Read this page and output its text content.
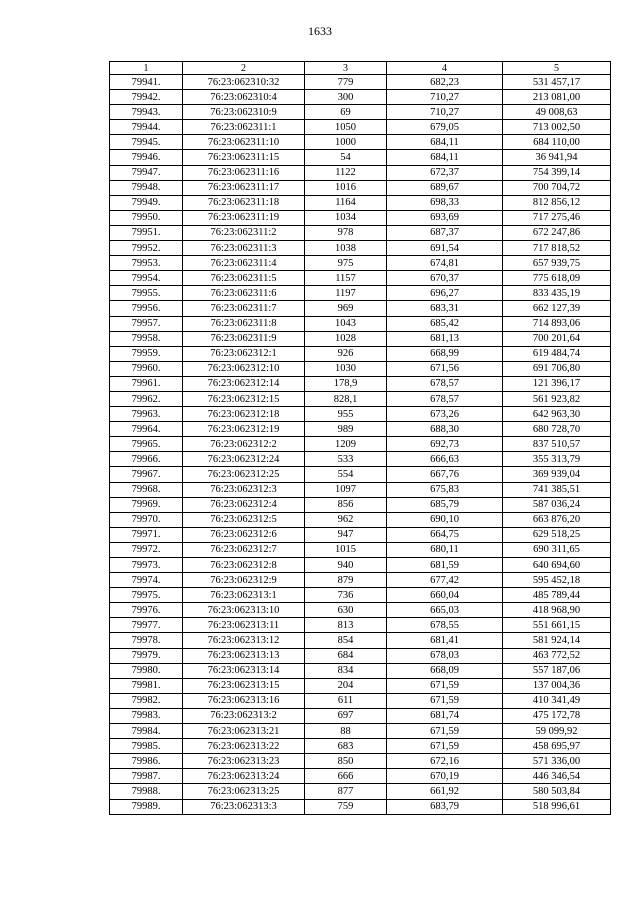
1633
1	2	3	4	5
79941.	76:23:062310:32	779	682,23	531 457,17
79942.	76:23:062310:4	300	710,27	213 081,00
79943.	76:23:062310:9	69	710,27	49 008,63
79944.	76:23:062311:1	1050	679,05	713 002,50
79945.	76:23:062311:10	1000	684,11	684 110,00
79946.	76:23:062311:15	54	684,11	36 941,94
79947.	76:23:062311:16	1122	672,37	754 399,14
79948.	76:23:062311:17	1016	689,67	700 704,72
79949.	76:23:062311:18	1164	698,33	812 856,12
79950.	76:23:062311:19	1034	693,69	717 275,46
79951.	76:23:062311:2	978	687,37	672 247,86
79952.	76:23:062311:3	1038	691,54	717 818,52
79953.	76:23:062311:4	975	674,81	657 939,75
79954.	76:23:062311:5	1157	670,37	775 618,09
79955.	76:23:062311:6	1197	696,27	833 435,19
79956.	76:23:062311:7	969	683,31	662 127,39
79957.	76:23:062311:8	1043	685,42	714 893,06
79958.	76:23:062311:9	1028	681,13	700 201,64
79959.	76:23:062312:1	926	668,99	619 484,74
79960.	76:23:062312:10	1030	671,56	691 706,80
79961.	76:23:062312:14	178,9	678,57	121 396,17
79962.	76:23:062312:15	828,1	678,57	561 923,82
79963.	76:23:062312:18	955	673,26	642 963,30
79964.	76:23:062312:19	989	688,30	680 728,70
79965.	76:23:062312:2	1209	692,73	837 510,57
79966.	76:23:062312:24	533	666,63	355 313,79
79967.	76:23:062312:25	554	667,76	369 939,04
79968.	76:23:062312:3	1097	675,83	741 385,51
79969.	76:23:062312:4	856	685,79	587 036,24
79970.	76:23:062312:5	962	690,10	663 876,20
79971.	76:23:062312:6	947	664,75	629 518,25
79972.	76:23:062312:7	1015	680,11	690 311,65
79973.	76:23:062312:8	940	681,59	640 694,60
79974.	76:23:062312:9	879	677,42	595 452,18
79975.	76:23:062313:1	736	660,04	485 789,44
79976.	76:23:062313:10	630	665,03	418 968,90
79977.	76:23:062313:11	813	678,55	551 661,15
79978.	76:23:062313:12	854	681,41	581 924,14
79979.	76:23:062313:13	684	678,03	463 772,52
79980.	76:23:062313:14	834	668,09	557 187,06
79981.	76:23:062313:15	204	671,59	137 004,36
79982.	76:23:062313:16	611	671,59	410 341,49
79983.	76:23:062313:2	697	681,74	475 172,78
79984.	76:23:062313:21	88	671,59	59 099,92
79985.	76:23:062313:22	683	671,59	458 695,97
79986.	76:23:062313:23	850	672,16	571 336,00
79987.	76:23:062313:24	666	670,19	446 346,54
79988.	76:23:062313:25	877	661,92	580 503,84
79989.	76:23:062313:3	759	683,79	518 996,61
